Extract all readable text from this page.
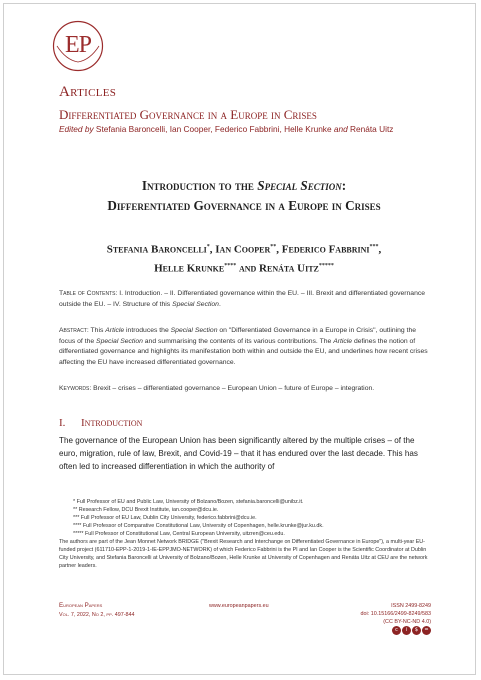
EP
Articles
Differentiated Governance in a Europe in Crises
Edited by Stefania Baroncelli, Ian Cooper, Federico Fabbrini, Helle Krunke and Renáta Uitz
Introduction to the Special Section:
Differentiated Governance in a Europe in Crises
Stefania Baroncelli*, Ian Cooper**, Federico Fabbrini***,
Helle Krunke**** and Renáta Uitz*****
Table of Contents: I. Introduction. – II. Differentiated governance within the EU. – III. Brexit and differentiated governance outside the EU. – IV. Structure of this Special Section.
Abstract: This Article introduces the Special Section on "Differentiated Governance in a Europe in Crisis", outlining the focus of the Special Section and summarising the contents of its various contributions. The Article defines the notion of differentiated governance and highlights its manifestation both within and outside the EU, and underlines how recent crises affecting the EU have increased differentiated governance.
Keywords: Brexit – crises – differentiated governance – European Union – future of Europe – integration.
I. Introduction
The governance of the European Union has been significantly altered by the multiple crises – of the euro, migration, rule of law, Brexit, and Covid-19 – that it has endured over the last decade. This has often led to increased differentiation in which the authority of
* Full Professor of EU and Public Law, University of Bolzano/Bozen, stefania.baroncelli@unibz.it.
** Research Fellow, DCU Brexit Institute, ian.cooper@dcu.ie.
*** Full Professor of EU Law, Dublin City University, federico.fabbrini@dcu.ie.
**** Full Professor of Comparative Constitutional Law, University of Copenhagen, helle.krunke@jur.ku.dk.
***** Full Professor of Constitutional Law, Central European University, uitzren@ceu.edu.
The authors are part of the Jean Monnet Network BRIDGE ("Brexit Research and Interchange on Differentiated Governance in Europe"), a multi-year EU-funded project (611710-EPP-1-2019-1-IE-EPPJMO-NETWORK) of which Federico Fabbrini is the PI and Ian Cooper is the Scientific Coordinator at Dublin City University, and Stefania Baroncelli at University of Bolzano/Bozen, Helle Krunke at University of Copenhagen and Renáta Uitz at CEU are the network partner leaders.
European Papers
Vol. 7, 2022, No 2, pp. 497-844
www.europeanpapers.eu	ISSN 2499-8249
doi: 10.15166/2499-8249/583
(CC BY-NC-ND 4.0)
c	i	$	=
